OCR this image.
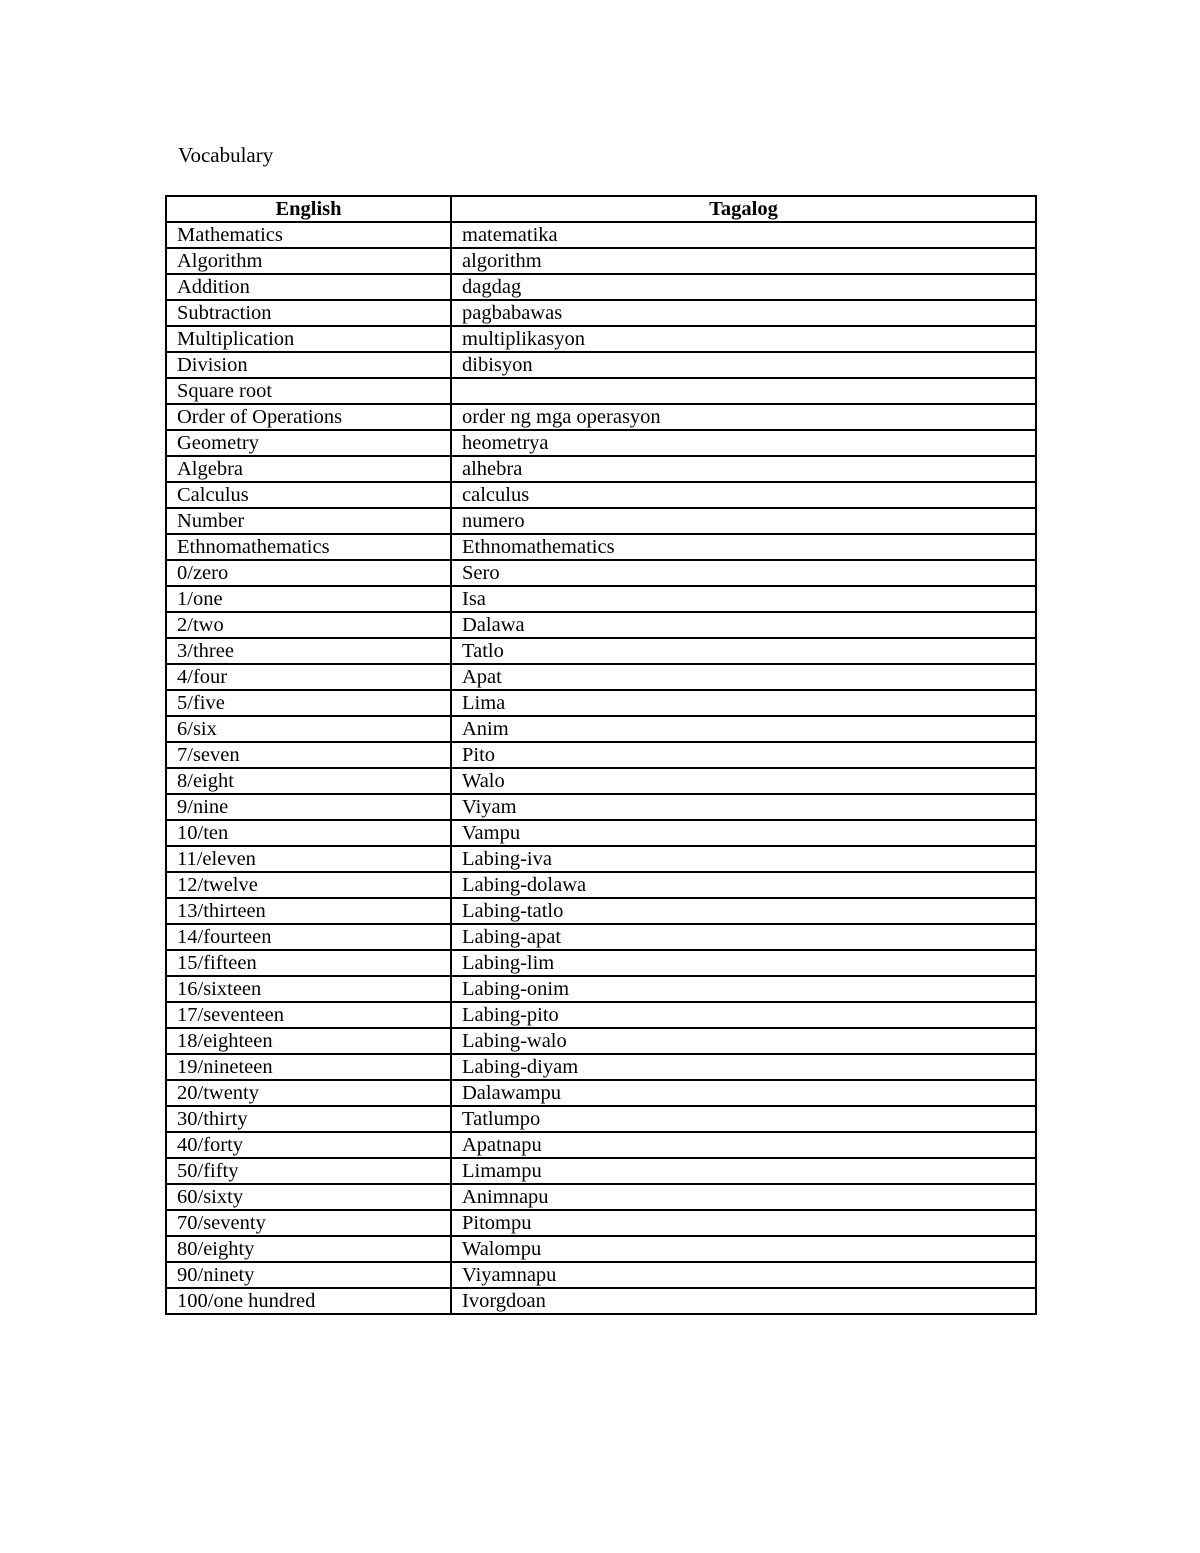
Vocabulary
English	Tagalog
Mathematics	matematika
Algorithm	algorithm
Addition	dagdag
Subtraction	pagbabawas
Multiplication	multiplikasyon
Division	dibisyon
Square root	
Order of Operations	order ng mga operasyon
Geometry	heometrya
Algebra	alhebra
Calculus	calculus
Number	numero
Ethnomathematics	Ethnomathematics
0/zero	Sero
1/one	Isa
2/two	Dalawa
3/three	Tatlo
4/four	Apat
5/five	Lima
6/six	Anim
7/seven	Pito
8/eight	Walo
9/nine	Viyam
10/ten	Vampu
11/eleven	Labing-iva
12/twelve	Labing-dolawa
13/thirteen	Labing-tatlo
14/fourteen	Labing-apat
15/fifteen	Labing-lim
16/sixteen	Labing-onim
17/seventeen	Labing-pito
18/eighteen	Labing-walo
19/nineteen	Labing-diyam
20/twenty	Dalawampu
30/thirty	Tatlumpo
40/forty	Apatnapu
50/fifty	Limampu
60/sixty	Animnapu
70/seventy	Pitompu
80/eighty	Walompu
90/ninety	Viyamnapu
100/one hundred	Ivorgdoan
